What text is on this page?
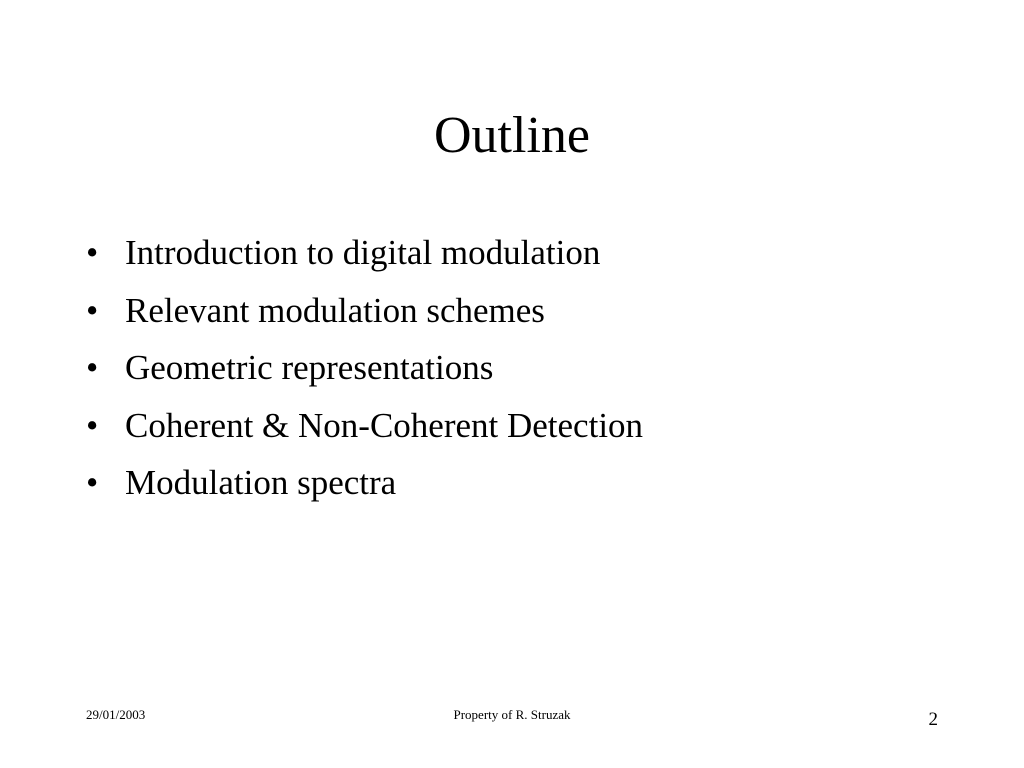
Outline
• Introduction to digital modulation
• Relevant modulation schemes
• Geometric representations
• Coherent & Non-Coherent Detection
• Modulation spectra
29/01/2003	Property of R. Struzak	2
